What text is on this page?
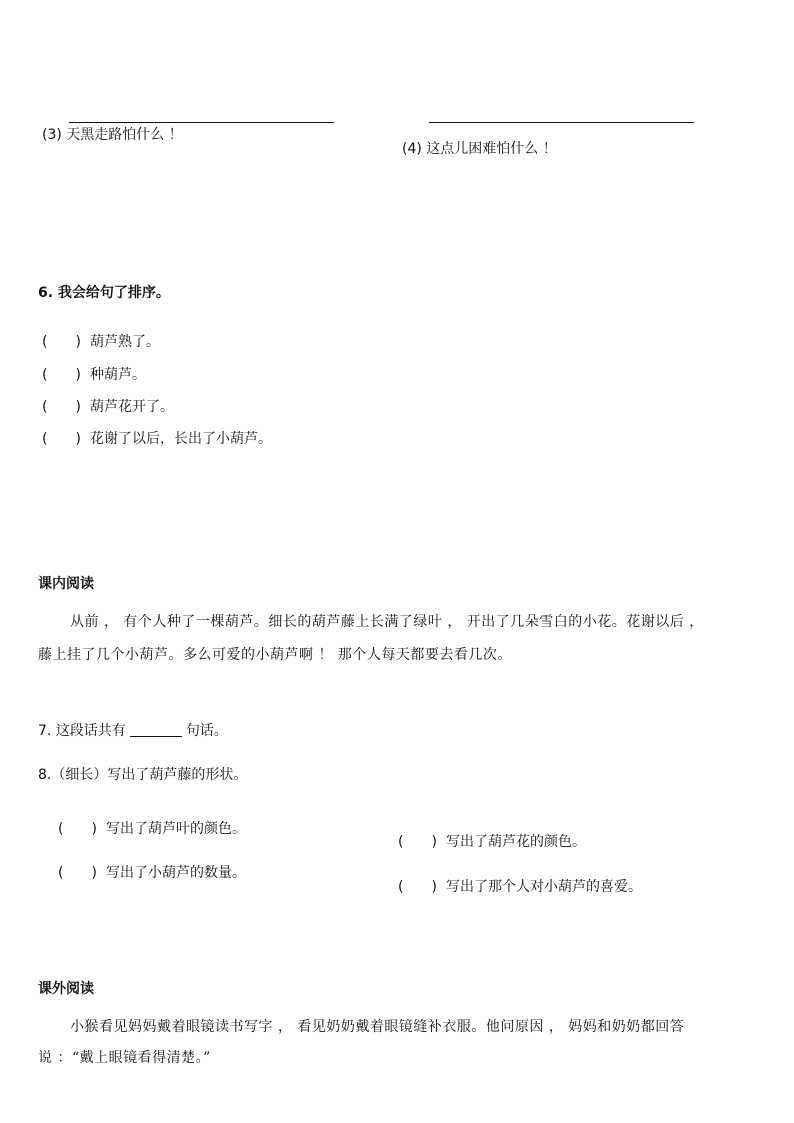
(3) 天黑走路怕什么 ！
(4) 这点儿困难怕什么 ！
6. 我会给句了排序。
(　　) 葫芦熟了。
(　　) 种葫芦。
(　　) 葫芦花开了。
(　　) 花谢了以后，长出了小葫芦。
课内阅读
从前 ， 有个人种了一棵葫芦。细长的葫芦藤上长满了绿叶 ， 开出了几朵雪白的小花。花谢以后 ，
藤上挂了几个小葫芦。多么可爱的小葫芦啊 ！ 那个人每天都要去看几次。
7. 这段话共有	句话。
8.（细长）写出了葫芦藤的形状。
(　　) 写出了葫芦叶的颜色。
(　　) 写出了葫芦花的颜色。
(　　) 写出了小葫芦的数量。
(　　) 写出了那个人对小葫芦的喜爱。
课外阅读
小猴看见妈妈戴着眼镜读书写字 ， 看见奶奶戴着眼镜缝补衣服。他问原因 ， 妈妈和奶奶都回答
说 ：“戴上眼镜看得清楚。”
